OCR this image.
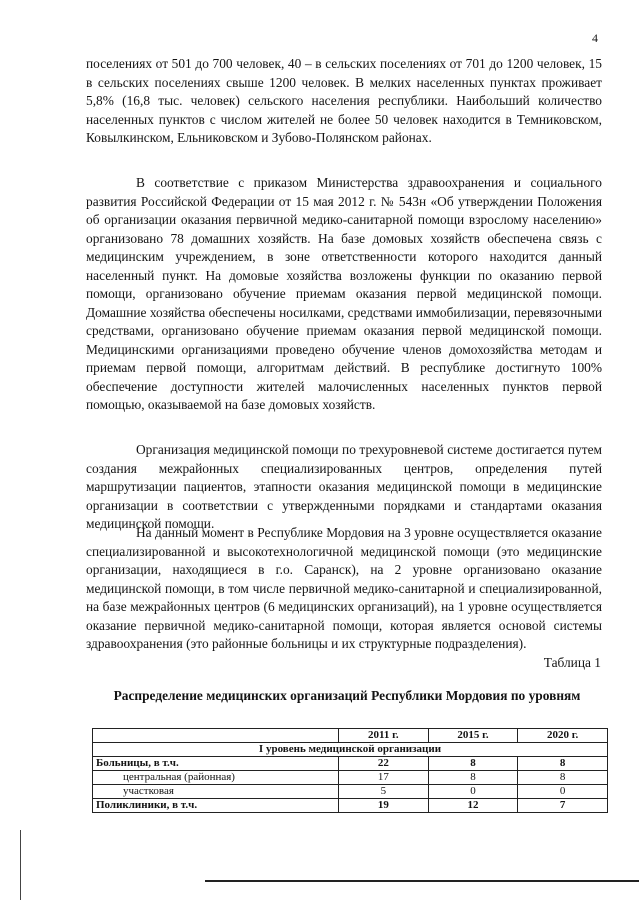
4

поселениях от 501 до 700 человек, 40 – в сельских поселениях от 701 до 1200 человек, 15 в сельских поселениях свыше 1200 человек. В мелких населенных пунктах проживает 5,8% (16,8 тыс. человек) сельского населения республики. Наибольший количество населенных пунктов с числом жителей не более 50 человек находится в Темниковском, Ковылкинском, Ельниковском и Зубово-Полянском районах.

В соответствие с приказом Министерства здравоохранения и социального развития Российской Федерации от 15 мая 2012 г. № 543н «Об утверждении Положения об организации оказания первичной медико-санитарной помощи взрослому населению» организовано 78 домашних хозяйств. На базе домовых хозяйств обеспечена связь с медицинским учреждением, в зоне ответственности которого находится данный населенный пункт. На домовые хозяйства возложены функции по оказанию первой помощи, организовано обучение приемам оказания первой медицинской помощи. Домашние хозяйства обеспечены носилками, средствами иммобилизации, перевязочными средствами, организовано обучение приемам оказания первой медицинской помощи. Медицинскими организациями проведено обучение членов домохозяйства методам и приемам первой помощи, алгоритмам действий. В республике достигнуто 100% обеспечение доступности жителей малочисленных населенных пунктов первой помощью, оказываемой на базе домовых хозяйств.

Организация медицинской помощи по трехуровневой системе достигается путем создания межрайонных специализированных центров, определения путей маршрутизации пациентов, этапности оказания медицинской помощи в медицинские организации в соответствии с утвержденными порядками и стандартами оказания медицинской помощи.

На данный момент в Республике Мордовия на 3 уровне осуществляется оказание специализированной и высокотехнологичной медицинской помощи (это медицинские организации, находящиеся в г.о. Саранск), на 2 уровне организовано оказание медицинской помощи, в том числе первичной медико-санитарной и специализированной, на базе межрайонных центров (6 медицинских организаций), на 1 уровне осуществляется оказание первичной медико-санитарной помощи, которая является основой системы здравоохранения (это районные больницы и их структурные подразделения).

Таблица 1

Распределение медицинских организаций Республики Мордовия по уровням

	2011 г.	2015 г.	2020 г.
I уровень медицинской организации			
Больницы, в т.ч.	22	8	8
центральная (районная)	17	8	8
участковая	5	0	0
Поликлиники, в т.ч.	19	12	7
